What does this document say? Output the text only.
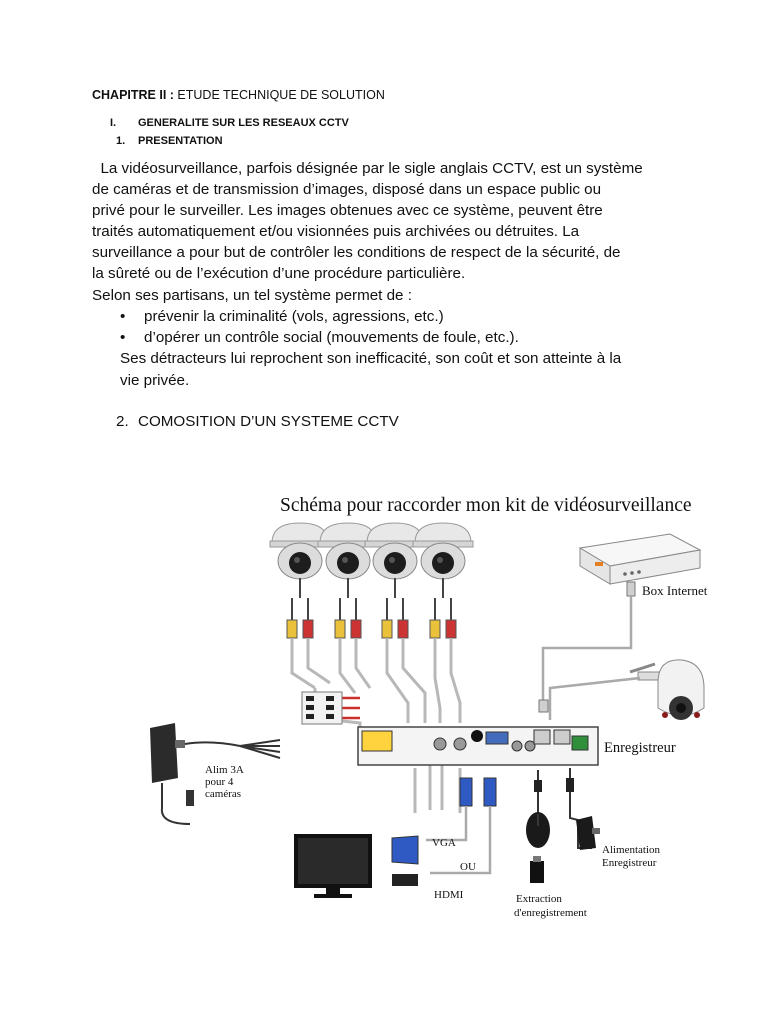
CHAPITRE II : ETUDE TECHNIQUE DE SOLUTION
I. GENERALITE SUR LES RESEAUX CCTV
1. PRESENTATION
La vidéosurveillance, parfois désignée par le sigle anglais CCTV, est un système
de caméras et de transmission d’images, disposé dans un espace public ou
privé pour le surveiller. Les images obtenues avec ce système, peuvent être
traités automatiquement et/ou visionnées puis archivées ou détruites. La
surveillance a pour but de contrôler les conditions de respect de la sécurité, de
la sûreté ou de l’exécution d’une procédure particulière.
Selon ses partisans, un tel système permet de :
• prévenir la criminalité (vols, agressions, etc.)
• d’opérer un contrôle social (mouvements de foule, etc.).
Ses détracteurs lui reprochent son inefficacité, son coût et son atteinte à la
vie privée.
2. COMOSITION D’UN SYSTEME CCTV
Schéma pour raccorder mon kit de vidéosurveillance
Box Internet
Enregistreur
Alim 3A
pour 4
caméras
VGA
OU
HDMI	Extraction
d'enregistrement
Alimentation
Enregistreur
